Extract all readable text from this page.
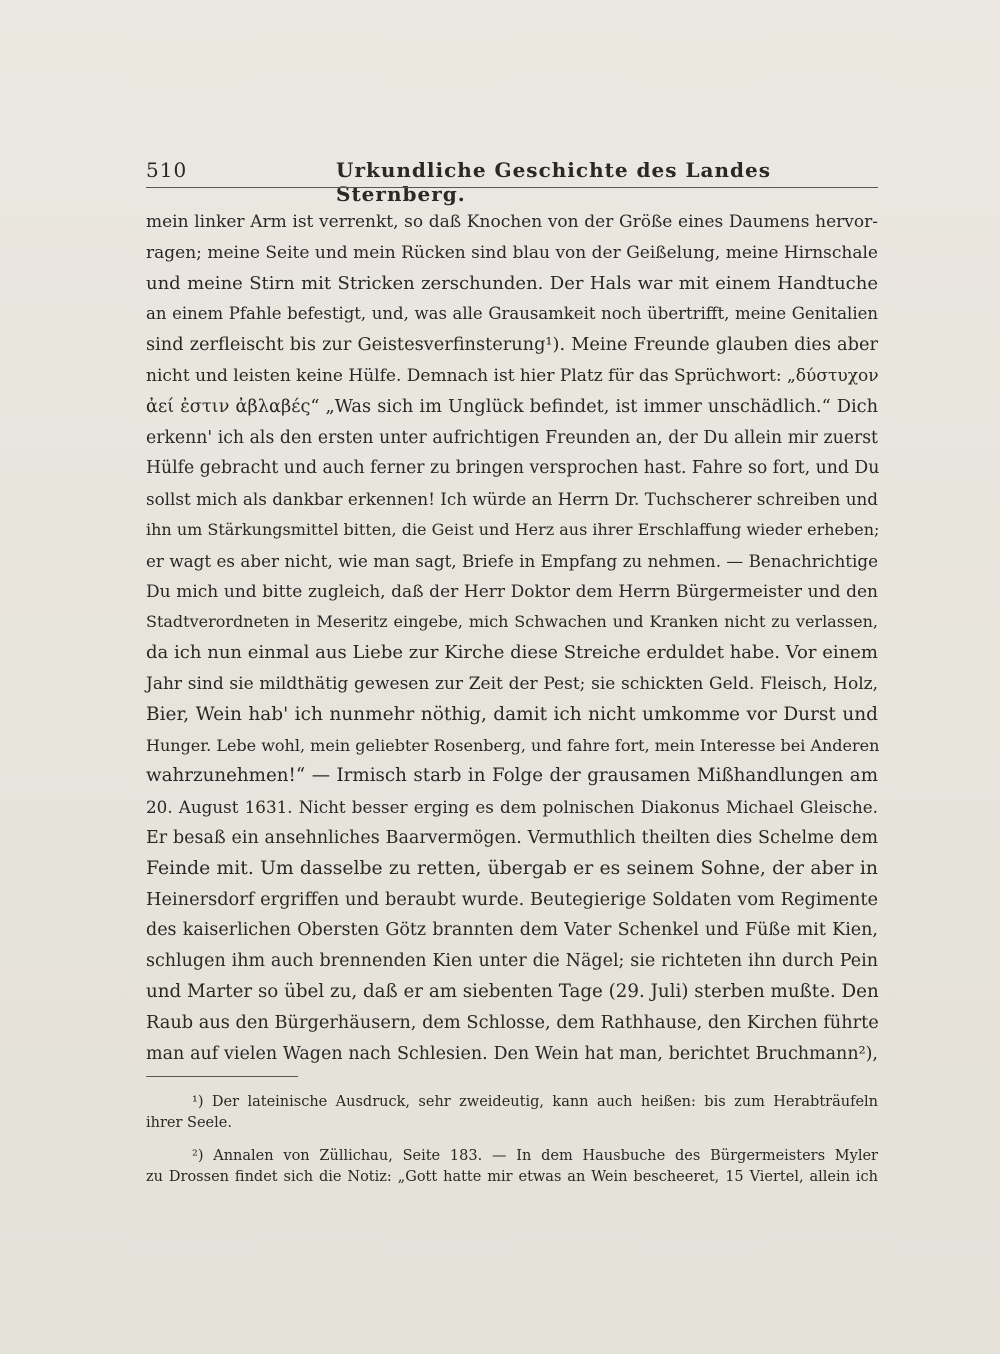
510	Urkundliche Geschichte des Landes Sternberg.
mein linker Arm ist verrenkt, so daß Knochen von der Größe eines Daumens hervor-
ragen; meine Seite und mein Rücken sind blau von der Geißelung, meine Hirnschale
und meine Stirn mit Stricken zerschunden. Der Hals war mit einem Handtuche
an einem Pfahle befestigt, und, was alle Grausamkeit noch übertrifft, meine Genitalien
sind zerfleischt bis zur Geistesverfinsterung¹). Meine Freunde glauben dies aber
nicht und leisten keine Hülfe. Demnach ist hier Platz für das Sprüchwort: „δύστυχον
ἀεί ἐστιν ἀβλαβές“ „Was sich im Unglück befindet, ist immer unschädlich.“ Dich
erkenn' ich als den ersten unter aufrichtigen Freunden an, der Du allein mir zuerst
Hülfe gebracht und auch ferner zu bringen versprochen hast. Fahre so fort, und Du
sollst mich als dankbar erkennen! Ich würde an Herrn Dr. Tuchscherer schreiben und
ihn um Stärkungsmittel bitten, die Geist und Herz aus ihrer Erschlaffung wieder erheben;
er wagt es aber nicht, wie man sagt, Briefe in Empfang zu nehmen. — Benachrichtige
Du mich und bitte zugleich, daß der Herr Doktor dem Herrn Bürgermeister und den
Stadtverordneten in Meseritz eingebe, mich Schwachen und Kranken nicht zu verlassen,
da ich nun einmal aus Liebe zur Kirche diese Streiche erduldet habe. Vor einem
Jahr sind sie mildthätig gewesen zur Zeit der Pest; sie schickten Geld. Fleisch, Holz,
Bier, Wein hab' ich nunmehr nöthig, damit ich nicht umkomme vor Durst und
Hunger. Lebe wohl, mein geliebter Rosenberg, und fahre fort, mein Interesse bei Anderen
wahrzunehmen!“ — Irmisch starb in Folge der grausamen Mißhandlungen am
20. August 1631. Nicht besser erging es dem polnischen Diakonus Michael Gleische.
Er besaß ein ansehnliches Baarvermögen. Vermuthlich theilten dies Schelme dem
Feinde mit. Um dasselbe zu retten, übergab er es seinem Sohne, der aber in
Heinersdorf ergriffen und beraubt wurde. Beutegierige Soldaten vom Regimente
des kaiserlichen Obersten Götz brannten dem Vater Schenkel und Füße mit Kien,
schlugen ihm auch brennenden Kien unter die Nägel; sie richteten ihn durch Pein
und Marter so übel zu, daß er am siebenten Tage (29. Juli) sterben mußte. Den
Raub aus den Bürgerhäusern, dem Schlosse, dem Rathhause, den Kirchen führte
man auf vielen Wagen nach Schlesien. Den Wein hat man, berichtet Bruchmann²),
¹) Der lateinische Ausdruck, sehr zweideutig, kann auch heißen: bis zum Herabträufeln
ihrer Seele.
²) Annalen von Züllichau, Seite 183. — In dem Hausbuche des Bürgermeisters Myler
zu Drossen findet sich die Notiz: „Gott hatte mir etwas an Wein bescheeret, 15 Viertel, allein ich
